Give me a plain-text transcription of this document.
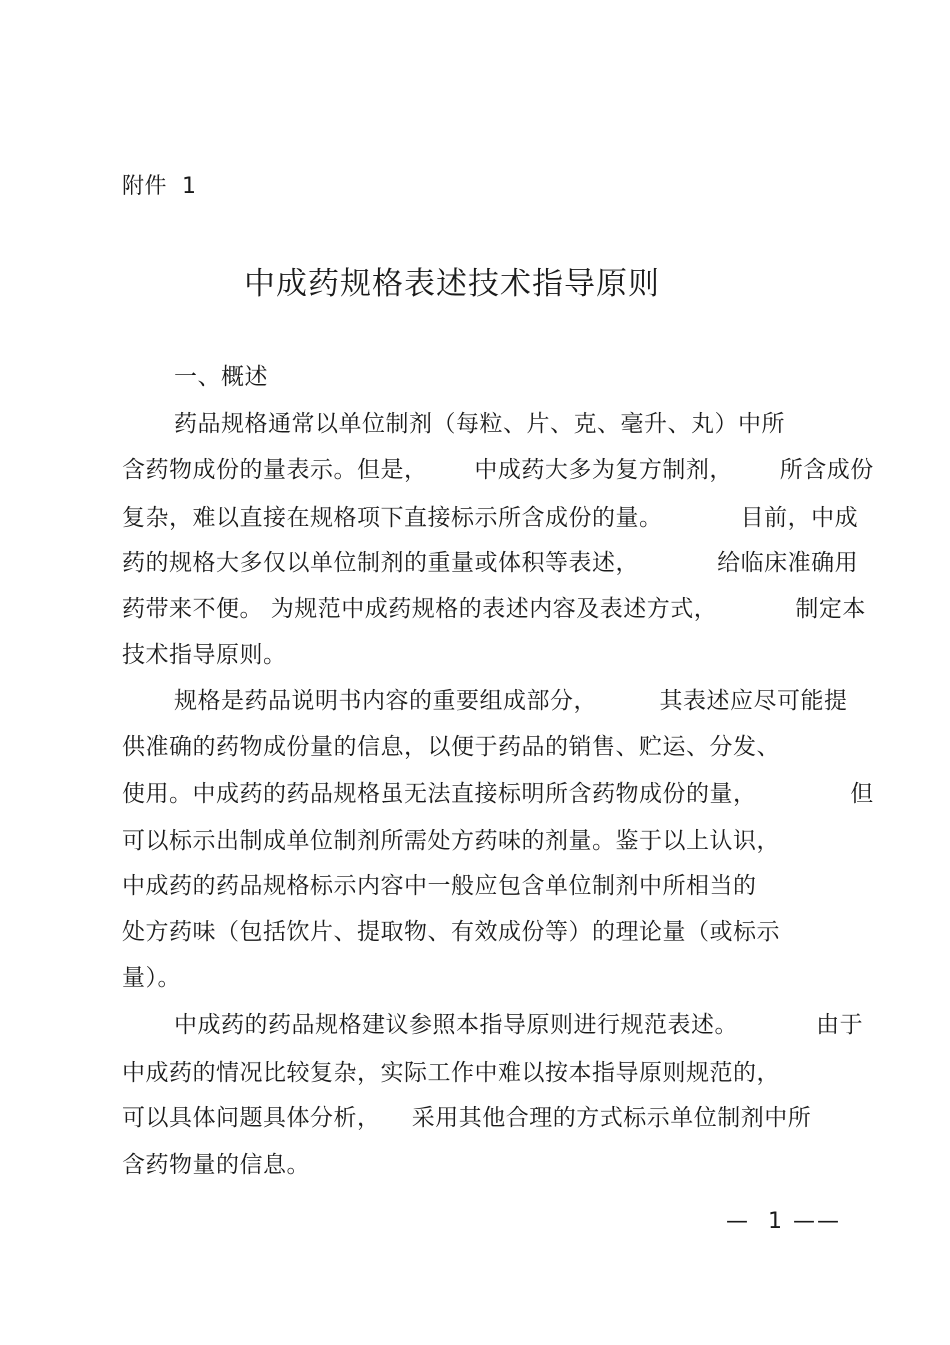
附件  1
中成药规格表述技术指导原则
一、概述
药品规格通常以单位制剂（每粒、片、克、毫升、丸）中所
含药物成份的量表示。但是，      中成药大多为复方制剂，      所含成份
复杂，难以直接在规格项下直接标示所含成份的量。          目前，中成
药的规格大多仅以单位制剂的重量或体积等表述，          给临床准确用
药带来不便。 为规范中成药规格的表述内容及表述方式，          制定本
技术指导原则。
规格是药品说明书内容的重要组成部分，        其表述应尽可能提
供准确的药物成份量的信息，以便于药品的销售、贮运、分发、
使用。中成药的药品规格虽无法直接标明所含药物成份的量，            但
可以标示出制成单位制剂所需处方药味的剂量。鉴于以上认识，
中成药的药品规格标示内容中一般应包含单位制剂中所相当的
处方药味（包括饮片、提取物、有效成份等）的理论量（或标示
量）。
中成药的药品规格建议参照本指导原则进行规范表述。          由于
中成药的情况比较复杂，实际工作中难以按本指导原则规范的，
可以具体问题具体分析，    采用其他合理的方式标示单位制剂中所
含药物量的信息。
—  1 ——
